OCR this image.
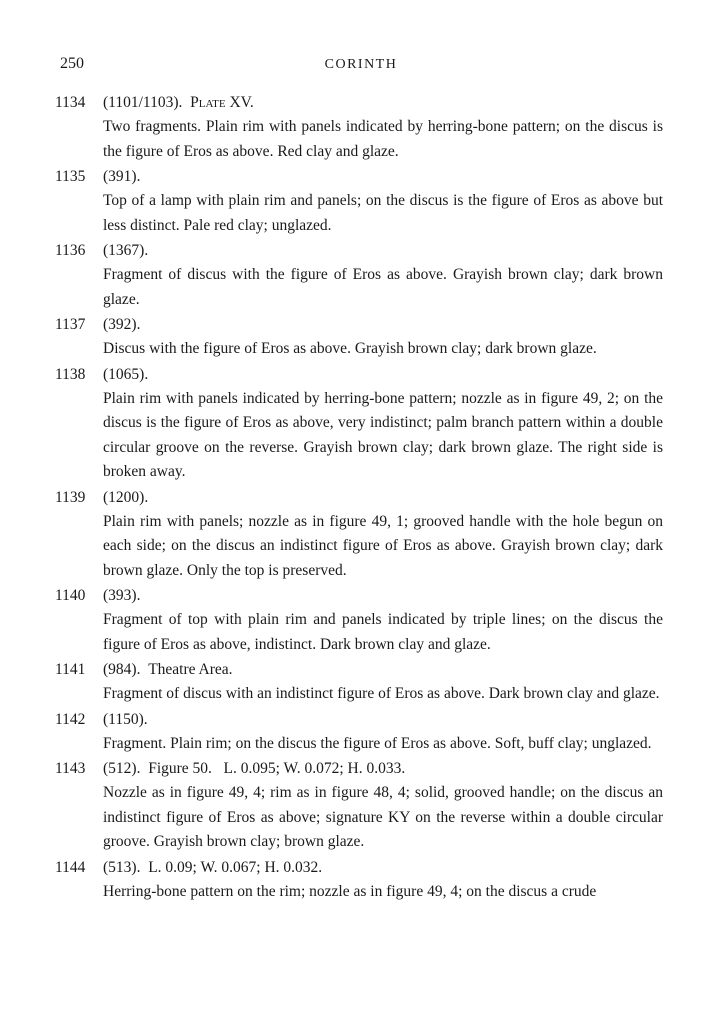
250	CORINTH
1134 (1101/1103). Plate XV.
Two fragments. Plain rim with panels indicated by herring-bone pattern; on the discus is the figure of Eros as above. Red clay and glaze.
1135 (391).
Top of a lamp with plain rim and panels; on the discus is the figure of Eros as above but less distinct. Pale red clay; unglazed.
1136 (1367).
Fragment of discus with the figure of Eros as above. Grayish brown clay; dark brown glaze.
1137 (392).
Discus with the figure of Eros as above. Grayish brown clay; dark brown glaze.
1138 (1065).
Plain rim with panels indicated by herring-bone pattern; nozzle as in figure 49, 2; on the discus is the figure of Eros as above, very indistinct; palm branch pattern within a double circular groove on the reverse. Grayish brown clay; dark brown glaze. The right side is broken away.
1139 (1200).
Plain rim with panels; nozzle as in figure 49, 1; grooved handle with the hole begun on each side; on the discus an indistinct figure of Eros as above. Grayish brown clay; dark brown glaze. Only the top is preserved.
1140 (393).
Fragment of top with plain rim and panels indicated by triple lines; on the discus the figure of Eros as above, indistinct. Dark brown clay and glaze.
1141 (984). Theatre Area.
Fragment of discus with an indistinct figure of Eros as above. Dark brown clay and glaze.
1142 (1150).
Fragment. Plain rim; on the discus the figure of Eros as above. Soft, buff clay; unglazed.
1143 (512). Figure 50.   L. 0.095; W. 0.072; H. 0.033.
Nozzle as in figure 49, 4; rim as in figure 48, 4; solid, grooved handle; on the discus an indistinct figure of Eros as above; signature KY on the reverse within a double circular groove. Grayish brown clay; brown glaze.
1144 (513). L. 0.09; W. 0.067; H. 0.032.
Herring-bone pattern on the rim; nozzle as in figure 49, 4; on the discus a crude
